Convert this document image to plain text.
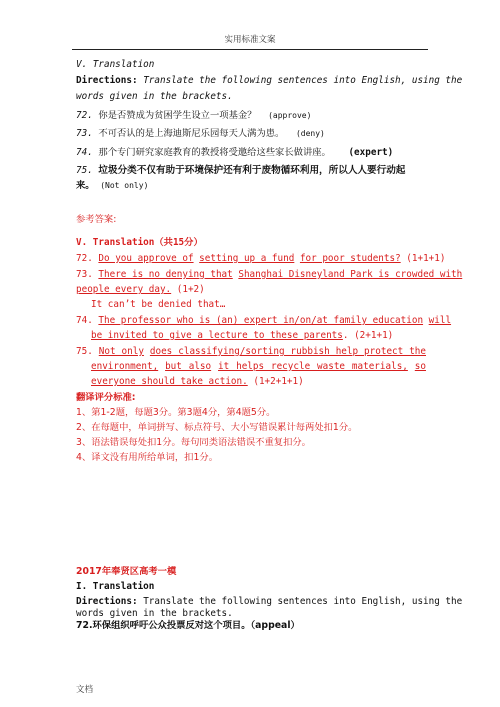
实用标准文案
V. Translation
Directions: Translate the following sentences into English, using the
words given in the brackets.
72. 你是否赞成为贫困学生设立一项基金？ (approve)
73. 不可否认的是上海迪斯尼乐园每天人满为患。 (deny)
74. 那个专门研究家庭教育的教授将受邀给这些家长做讲座。 (expert)
75. 垃圾分类不仅有助于环境保护还有利于废物循环利用，所以人人要行动起
来。 (Not only)
参考答案:
V. Translation（共15分）
72. Do you approve of setting up a fund for poor students? (1+1+1)
73. There is no denying that Shanghai Disneyland Park is crowded with
people every day. (1+2)
It can’t be denied that…
74. The professor who is (an) expert in/on/at family education will
be invited to give a lecture to these parents. (2+1+1)
75. Not only does classifying/sorting rubbish help protect the
environment, but also it helps recycle waste materials, so
everyone should take action. (1+2+1+1)
翻译评分标准:
1、第1-2题，每题3分。第3题4分，第4题5分。
2、在每题中，单词拼写、标点符号、大小写错误累计每两处扣1分。
3、语法错误每处扣1分。每句同类语法错误不重复扣分。
4、译文没有用所给单词，扣1分。
2017年奉贤区高考一模
I. Translation
Directions: Translate the following sentences into English, using the
words given in the brackets.
72.环保组织呼吁公众投票反对这个项目。（appeal）
文档
